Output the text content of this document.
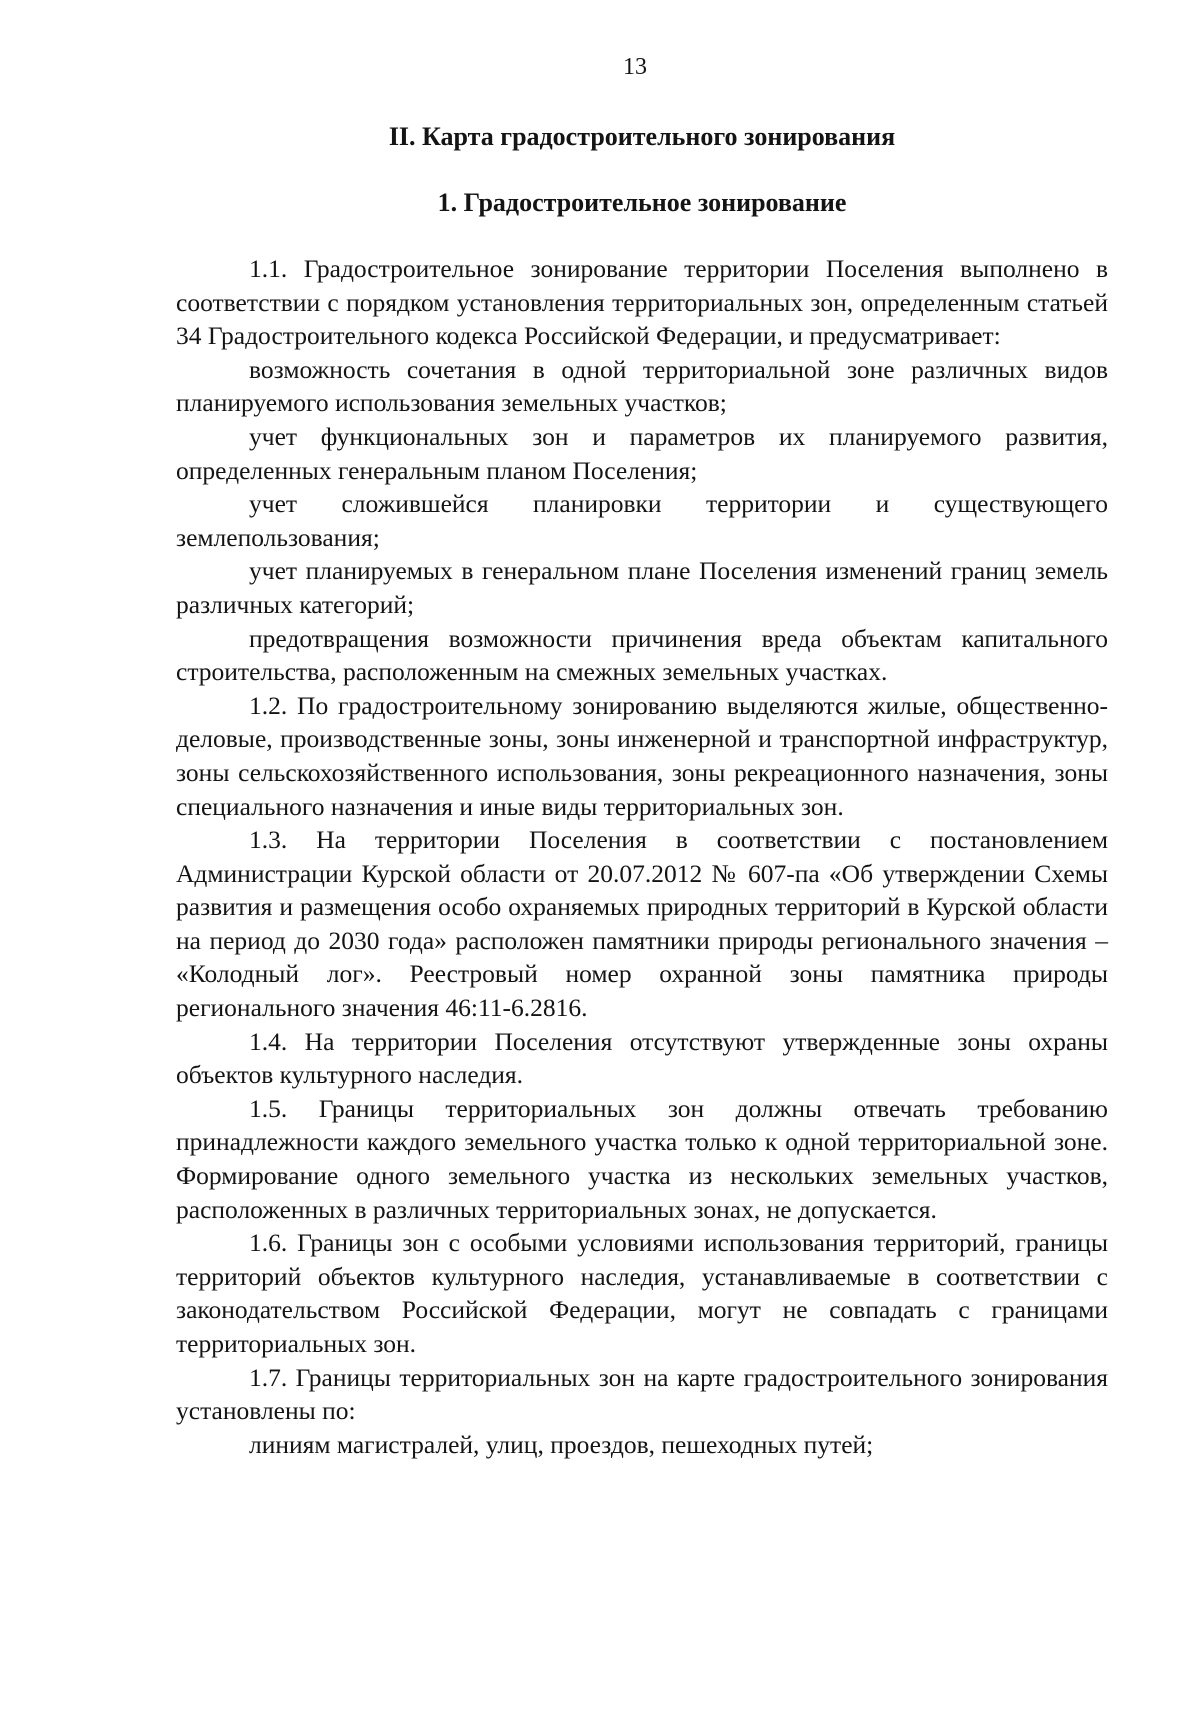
13
II. Карта градостроительного зонирования
1. Градостроительное зонирование

1.1. Градостроительное зонирование территории Поселения выполнено в соответствии с порядком установления территориальных зон, определенным статьей 34 Градостроительного кодекса Российской Федерации, и предусматривает:

возможность сочетания в одной территориальной зоне различных видов планируемого использования земельных участков;

учет функциональных зон и параметров их планируемого развития, определенных генеральным планом Поселения;

учет сложившейся планировки территории и существующего землепользования;

учет планируемых в генеральном плане Поселения изменений границ земель различных категорий;

предотвращения возможности причинения вреда объектам капитального строительства, расположенным на смежных земельных участках.

1.2. По градостроительному зонированию выделяются жилые, общественно-деловые, производственные зоны, зоны инженерной и транспортной инфраструктур, зоны сельскохозяйственного использования, зоны рекреационного назначения, зоны специального назначения и иные виды территориальных зон.

1.3. На территории Поселения в соответствии с постановлением Администрации Курской области от 20.07.2012 № 607-па «Об утверждении Схемы развития и размещения особо охраняемых природных территорий в Курской области на период до 2030 года» расположен памятники природы регионального значения – «Колодный лог». Реестровый номер охранной зоны памятника природы регионального значения 46:11-6.2816.

1.4. На территории Поселения отсутствуют утвержденные зоны охраны объектов культурного наследия.

1.5. Границы территориальных зон должны отвечать требованию принадлежности каждого земельного участка только к одной территориальной зоне. Формирование одного земельного участка из нескольких земельных участков, расположенных в различных территориальных зонах, не допускается.

1.6. Границы зон с особыми условиями использования территорий, границы территорий объектов культурного наследия, устанавливаемые в соответствии с законодательством Российской Федерации, могут не совпадать с границами территориальных зон.

1.7. Границы территориальных зон на карте градостроительного зонирования установлены по:

линиям магистралей, улиц, проездов, пешеходных путей;
